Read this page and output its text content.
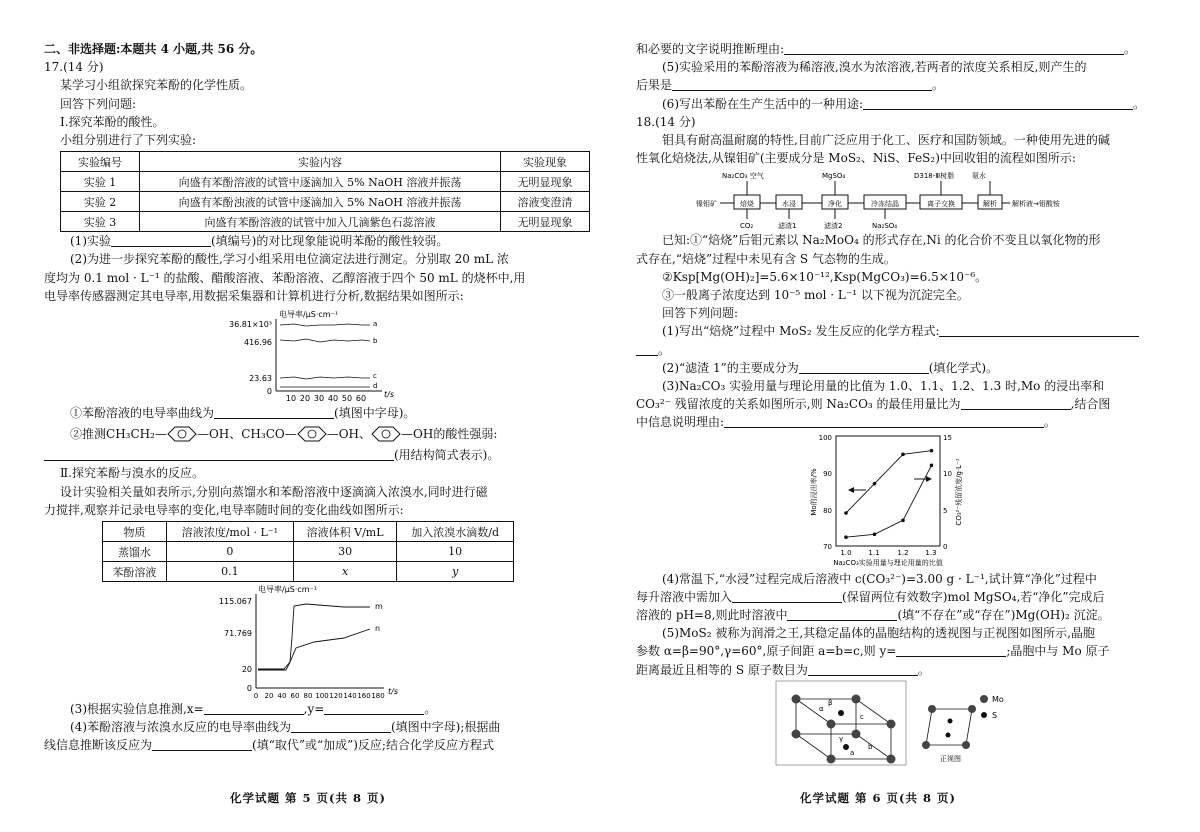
二、非选择题:本题共 4 小题,共 56 分。
17.(14 分)
某学习小组欲探究苯酚的化学性质。
回答下列问题:
Ⅰ.探究苯酚的酸性。
小组分别进行了下列实验:
实验编号	实验内容	实验现象
实验 1	向盛有苯酚溶液的试管中逐滴加入 5% NaOH 溶液并振荡	无明显现象
实验 2	向盛有苯酚浊液的试管中逐滴加入 5% NaOH 溶液并振荡	溶液变澄清
实验 3	向盛有苯酚溶液的试管中加入几滴紫色石蕊溶液	无明显现象
(1)实验	(填编号)的对比现象能说明苯酚的酸性较弱。
(2)为进一步探究苯酚的酸性,学习小组采用电位滴定法进行测定。分别取 20 mL 浓
度均为 0.1 mol · L⁻¹ 的盐酸、醋酸溶液、苯酚溶液、乙醇溶液于四个 50 mL 的烧杯中,用
电导率传感器测定其电导率,用数据采集器和计算机进行分析,数据结果如图所示:
电导率/μS·cm⁻¹
36.81×10³
416.96
23.63
0
a
b
c
d
10 20 30 40 50 60 t/s
①苯酚溶液的电导率曲线为	(填图中字母)。
②推测CH₃CH₂—	—OH、CH₃CO—	—OH、	—OH的酸性强弱:
(用结构简式表示)。
Ⅱ.探究苯酚与溴水的反应。
设计实验相关量如表所示,分别向蒸馏水和苯酚溶液中逐滴滴入浓溴水,同时进行磁
力搅拌,观察并记录电导率的变化,电导率随时间的变化曲线如图所示:
物质	溶液浓度/mol · L⁻¹	溶液体积 V/mL	加入浓溴水滴数/d
蒸馏水	0	30	10
苯酚溶液	0.1	x	y
电导率/μS·cm⁻¹
115.067
71.769
20
0
m
n
0 20 40 60 80 100 120 140 160 180 t/s
(3)根据实验信息推测,x=	,y=	。
(4)苯酚溶液与浓溴水反应的电导率曲线为	(填图中字母);根据曲
线信息推断该反应为	(填“取代”或“加成”)反应;结合化学反应方程式
化学试题 第 5 页(共 8 页)
和必要的文字说明推断理由:	。
(5)实验采用的苯酚溶液为稀溶液,溴水为浓溶液,若两者的浓度关系相反,则产生的
后果是	。
(6)写出苯酚在生产生活中的一种用途:	。
18.(14 分)
钼具有耐高温耐腐的特性,目前广泛应用于化工、医疗和国防领域。一种使用先进的碱
性氧化焙烧法,从镍钼矿(主要成分是 MoS₂、NiS、FeS₂)中回收钼的流程如图所示:
Na₂CO₃ 空气	MgSO₄	D318-Ⅲ树脂	氨水
镍钼矿	焙烧	水浸	净化	冷冻结晶	离子交换	解析 解析液→钼酸铵
CO₂	滤渣1	滤渣2	Na₂SO₄
已知:①“焙烧”后钼元素以 Na₂MoO₄ 的形式存在,Ni 的化合价不变且以氧化物的形
式存在,“焙烧”过程中未见有含 S 气态物的生成。
②Ksp[Mg(OH)₂]=5.6×10⁻¹²,Ksp(MgCO₃)=6.5×10⁻⁶。
③一般离子浓度达到 10⁻⁵ mol · L⁻¹ 以下视为沉淀完全。
回答下列问题:
(1)写出“焙烧”过程中 MoS₂ 发生反应的化学方程式:
。
(2)“滤渣 1”的主要成分为	(填化学式)。
(3)Na₂CO₃ 实验用量与理论用量的比值为 1.0、1.1、1.2、1.3 时,Mo 的浸出率和
CO₃²⁻ 残留浓度的关系如图所示,则 Na₂CO₃ 的最佳用量比为	,结合图
中信息说明理由:	。
100
90
80
70
15
10
5
0
1.0 1.1	1.2 1.3
Na₂CO₃实验用量与理论用量的比值
Mo的浸出率/%	CO₃²⁻残留浓度/g·L⁻¹
(4)常温下,“水浸”过程完成后溶液中 c(CO₃²⁻)=3.00 g · L⁻¹,试计算“净化”过程中
每升溶液中需加入	(保留两位有效数字)mol MgSO₄,若“净化”完成后
溶液的 pH=8,则此时溶液中	(填“不存在”或“存在”)Mg(OH)₂ 沉淀。
(5)MoS₂ 被称为润滑之王,其稳定晶体的晶胞结构的透视图与正视图如图所示,晶胞
参数 α=β=90°,γ=60°,原子间距 a=b=c,则 y=	;晶胞中与 Mo 原子
距离最近且相等的 S 原子数目为	。
a
b
c
α
β
γ
正视图
Mo
S
化学试题 第 6 页(共 8 页)
